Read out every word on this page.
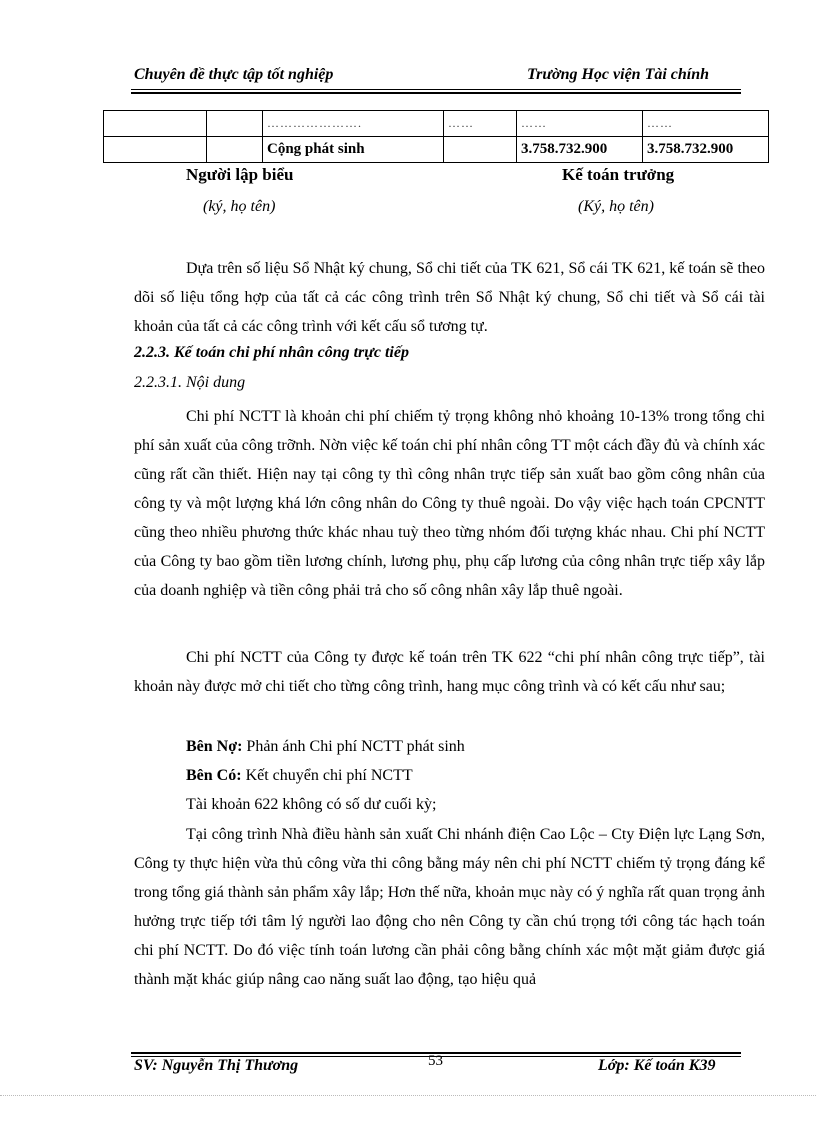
Chuyên đề thực tập tốt nghiệp	Trường Học viện Tài chính
		………………….	……	……	……
		Cộng phát sinh		3.758.732.900	3.758.732.900
Người lập biểu
(ký, họ tên)
Kế toán trưởng
(Ký, họ tên)
Dựa trên số liệu Sổ Nhật ký chung, Sổ chi tiết của TK 621, Sổ cái TK 621, kế toán sẽ theo dõi số liệu tổng hợp của tất cả các công trình trên Sổ Nhật ký chung, Sổ chi tiết và Sổ cái tài khoản của tất cả các công trình với kết cấu sổ tương tự.
2.2.3. Kế toán chi phí nhân công trực tiếp
2.2.3.1. Nội dung
Chi phí NCTT là khoản chi phí chiếm tỷ trọng không nhỏ khoảng 10-13% trong tổng chi phí sản xuất của công trỡnh. Nờn việc kế toán chi phí nhân công TT một cách đầy đủ và chính xác cũng rất cần thiết. Hiện nay tại công ty thì công nhân trực tiếp sản xuất bao gồm công nhân của công ty và một lượng khá lớn công nhân do Công ty thuê ngoài. Do vậy việc hạch toán CPCNTT cũng theo nhiều phương thức khác nhau tuỳ theo từng nhóm đối tượng khác nhau. Chi phí NCTT của Công ty bao gồm tiền lương chính, lương phụ, phụ cấp lương của công nhân trực tiếp xây lắp của doanh nghiệp và tiền công phải trả cho số công nhân xây lắp thuê ngoài.
Chi phí NCTT của Công ty được kế toán trên TK 622 “chi phí nhân công trực tiếp”, tài khoản này được mở chi tiết cho từng công trình, hang mục công trình và có kết cấu như sau;
Bên Nợ: Phản ánh Chi phí NCTT phát sinh
Bên Có: Kết chuyển chi phí NCTT
Tài khoản 622 không có số dư cuối kỳ;
Tại công trình Nhà điều hành sản xuất Chi nhánh điện Cao Lộc – Cty Điện lực Lạng Sơn, Công ty thực hiện vừa thủ công vừa thi công bằng máy nên chi phí NCTT chiếm tỷ trọng đáng kể trong tổng giá thành sản phẩm xây lắp; Hơn thế nữa, khoản mục này có ý nghĩa rất quan trọng ảnh hưởng trực tiếp tới tâm lý người lao động cho nên Công ty cần chú trọng tới công tác hạch toán chi phí NCTT. Do đó việc tính toán lương cần phải công bằng chính xác một mặt giảm được giá thành mặt khác giúp nâng cao năng suất lao động, tạo hiệu quả
SV: Nguyễn Thị Thương	53	Lớp: Kế toán K39
